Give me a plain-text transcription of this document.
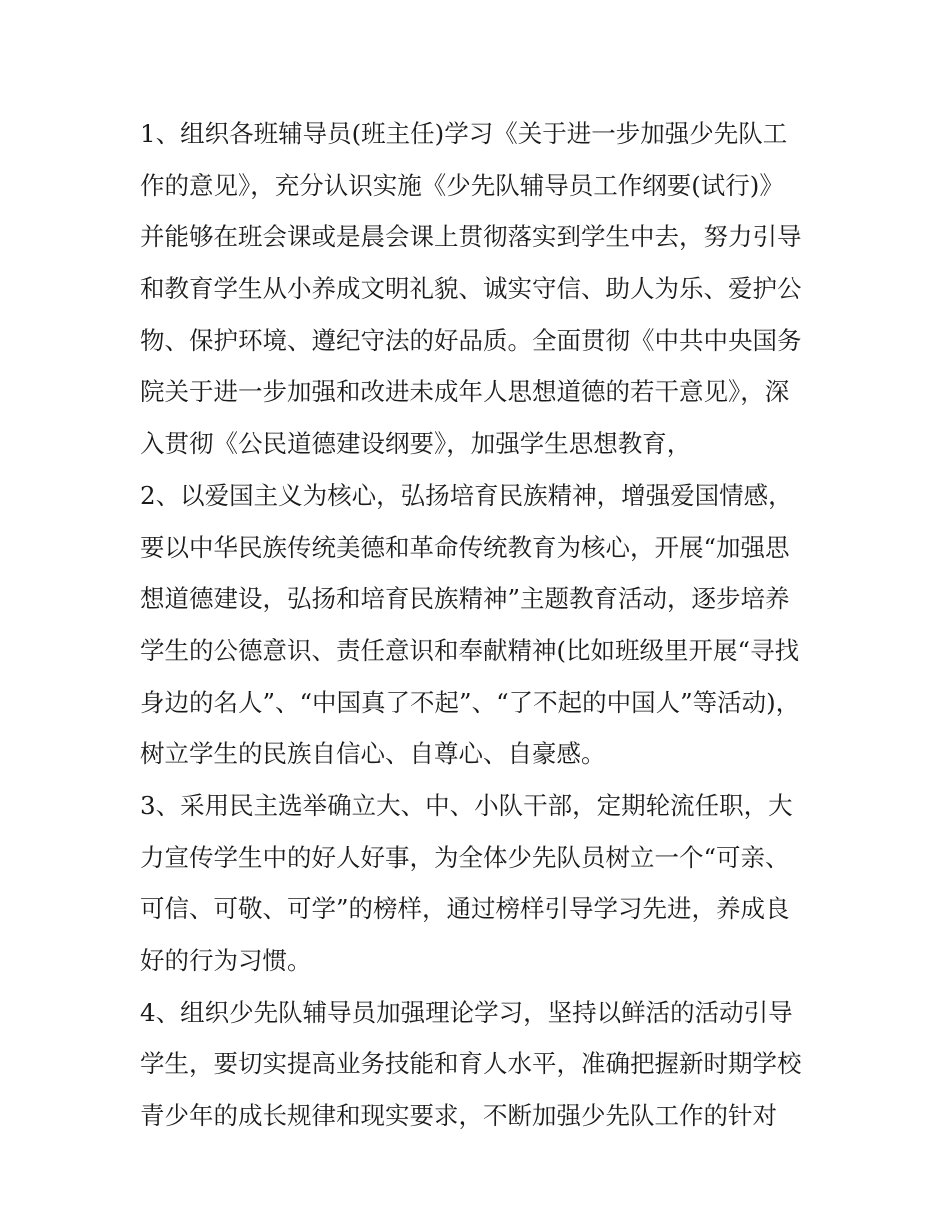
1、组织各班辅导员(班主任)学习《关于进一步加强少先队工
作的意见》，充分认识实施《少先队辅导员工作纲要(试行)》
并能够在班会课或是晨会课上贯彻落实到学生中去，努力引导
和教育学生从小养成文明礼貌、诚实守信、助人为乐、爱护公
物、保护环境、遵纪守法的好品质。全面贯彻《中共中央国务
院关于进一步加强和改进未成年人思想道德的若干意见》，深
入贯彻《公民道德建设纲要》，加强学生思想教育，
2、以爱国主义为核心，弘扬培育民族精神，增强爱国情感，
要以中华民族传统美德和革命传统教育为核心，开展“加强思
想道德建设，弘扬和培育民族精神”主题教育活动，逐步培养
学生的公德意识、责任意识和奉献精神(比如班级里开展“寻找
身边的名人”、“中国真了不起”、“了不起的中国人”等活动)，
树立学生的民族自信心、自尊心、自豪感。
3、采用民主选举确立大、中、小队干部，定期轮流任职，大
力宣传学生中的好人好事，为全体少先队员树立一个“可亲、
可信、可敬、可学”的榜样，通过榜样引导学习先进，养成良
好的行为习惯。
4、组织少先队辅导员加强理论学习，坚持以鲜活的活动引导
学生，要切实提高业务技能和育人水平，准确把握新时期学校
青少年的成长规律和现实要求，不断加强少先队工作的针对
